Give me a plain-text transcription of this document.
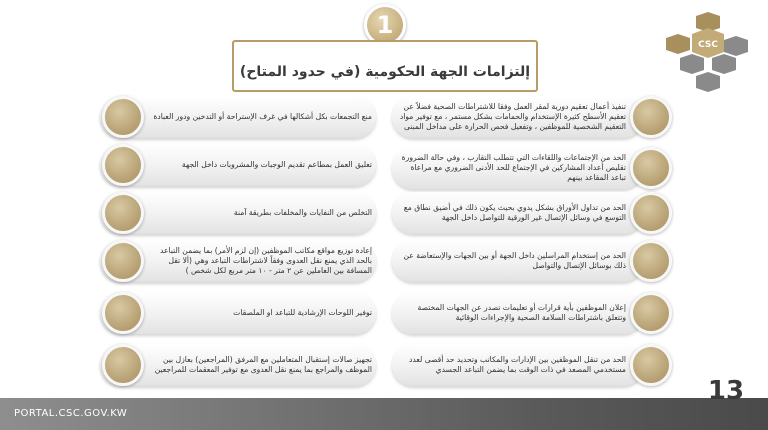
CSC
1
إلتزامات الجهة الحكومية (في حدود المتاح)
تنفيذ أعمال تعقيم دورية لمقر العمل وفقا للاشتراطات الصحية فضلاً عن تعقيم الأسطح كثيرة الإستخدام والحمامات بشكل مستمر ، مع توفير مواد التعقيم الشخصية للموظفين ، وتفعيل فحص الحرارة على مداخل المبنى
الحد من الإجتماعات واللقاءات التي تتطلب التقارب ، وفي حالة الضرورة تقليص أعداد المشاركين في الإجتماع للحد الأدنى الضروري مع مراعاة تباعد المقاعد بينهم
الحد من تداول الأوراق بشكل يدوي بحيث يكون ذلك في أضيق نطاق مع التوسع في وسائل الإتصال غير الورقية للتواصل داخل الجهة
الحد من إستخدام المراسلين داخل الجهة أو بين الجهات والإستعاضة عن ذلك بوسائل الإتصال والتواصل
إعلان الموظفين بأية قرارات أو تعليمات تصدر عن الجهات المختصة وتتعلق باشتراطات السلامة الصحية والإجراءات الوقائية
الحد من تنقل الموظفين بين الإدارات والمكاتب وتحديد حد أقصى لعدد مستخدمي المصعد في ذات الوقت بما يضمن التباعد الجسدي
منع التجمعات بكل أشكالها في غرف الإستراحة أو التدخين ودور العبادة
تعليق العمل بمطاعم تقديم الوجبات والمشروبات داخل الجهة
التخلص من النفايات والمخلفات بطريقة آمنة
إعادة توزيع مواقع مكاتب الموظفين (إن لزم الأمر) بما يضمن التباعد بالحد الذي يمنع نقل العدوى وفقاً لاشتراطات التباعد وهي (ألا تقل المسافة بين العاملين عن ٢ متر - ١٠ متر مربع لكل شخص )
توفير اللوحات الإرشادية للتباعد او الملصقات
تجهيز صالات إستقبال المتعاملين مع المرفق (المراجعين) بعازل بين الموظف والمراجع بما يمنع نقل العدوى مع توفير المعقمات للمراجعين
PORTAL.CSC.GOV.KW
13
